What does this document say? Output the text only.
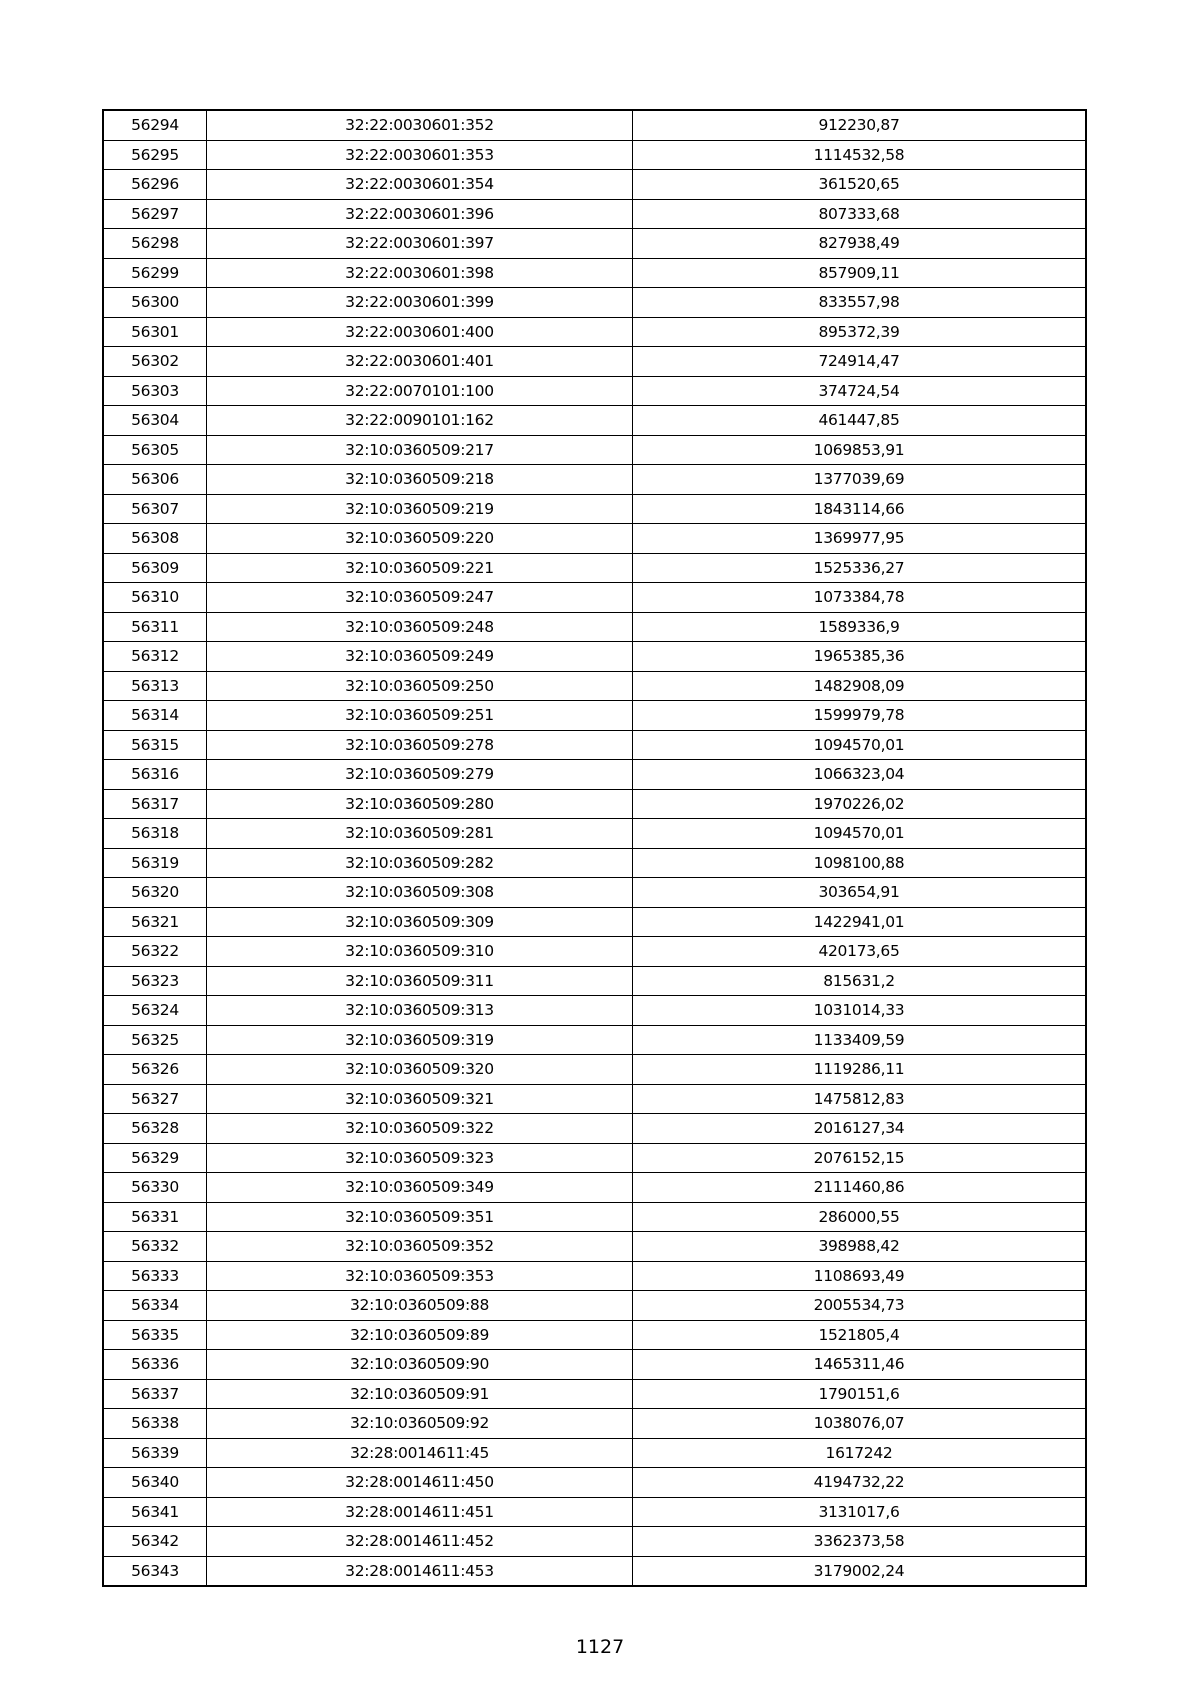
56294	32:22:0030601:352	912230,87
56295	32:22:0030601:353	1114532,58
56296	32:22:0030601:354	361520,65
56297	32:22:0030601:396	807333,68
56298	32:22:0030601:397	827938,49
56299	32:22:0030601:398	857909,11
56300	32:22:0030601:399	833557,98
56301	32:22:0030601:400	895372,39
56302	32:22:0030601:401	724914,47
56303	32:22:0070101:100	374724,54
56304	32:22:0090101:162	461447,85
56305	32:10:0360509:217	1069853,91
56306	32:10:0360509:218	1377039,69
56307	32:10:0360509:219	1843114,66
56308	32:10:0360509:220	1369977,95
56309	32:10:0360509:221	1525336,27
56310	32:10:0360509:247	1073384,78
56311	32:10:0360509:248	1589336,9
56312	32:10:0360509:249	1965385,36
56313	32:10:0360509:250	1482908,09
56314	32:10:0360509:251	1599979,78
56315	32:10:0360509:278	1094570,01
56316	32:10:0360509:279	1066323,04
56317	32:10:0360509:280	1970226,02
56318	32:10:0360509:281	1094570,01
56319	32:10:0360509:282	1098100,88
56320	32:10:0360509:308	303654,91
56321	32:10:0360509:309	1422941,01
56322	32:10:0360509:310	420173,65
56323	32:10:0360509:311	815631,2
56324	32:10:0360509:313	1031014,33
56325	32:10:0360509:319	1133409,59
56326	32:10:0360509:320	1119286,11
56327	32:10:0360509:321	1475812,83
56328	32:10:0360509:322	2016127,34
56329	32:10:0360509:323	2076152,15
56330	32:10:0360509:349	2111460,86
56331	32:10:0360509:351	286000,55
56332	32:10:0360509:352	398988,42
56333	32:10:0360509:353	1108693,49
56334	32:10:0360509:88	2005534,73
56335	32:10:0360509:89	1521805,4
56336	32:10:0360509:90	1465311,46
56337	32:10:0360509:91	1790151,6
56338	32:10:0360509:92	1038076,07
56339	32:28:0014611:45	1617242
56340	32:28:0014611:450	4194732,22
56341	32:28:0014611:451	3131017,6
56342	32:28:0014611:452	3362373,58
56343	32:28:0014611:453	3179002,24
1127
